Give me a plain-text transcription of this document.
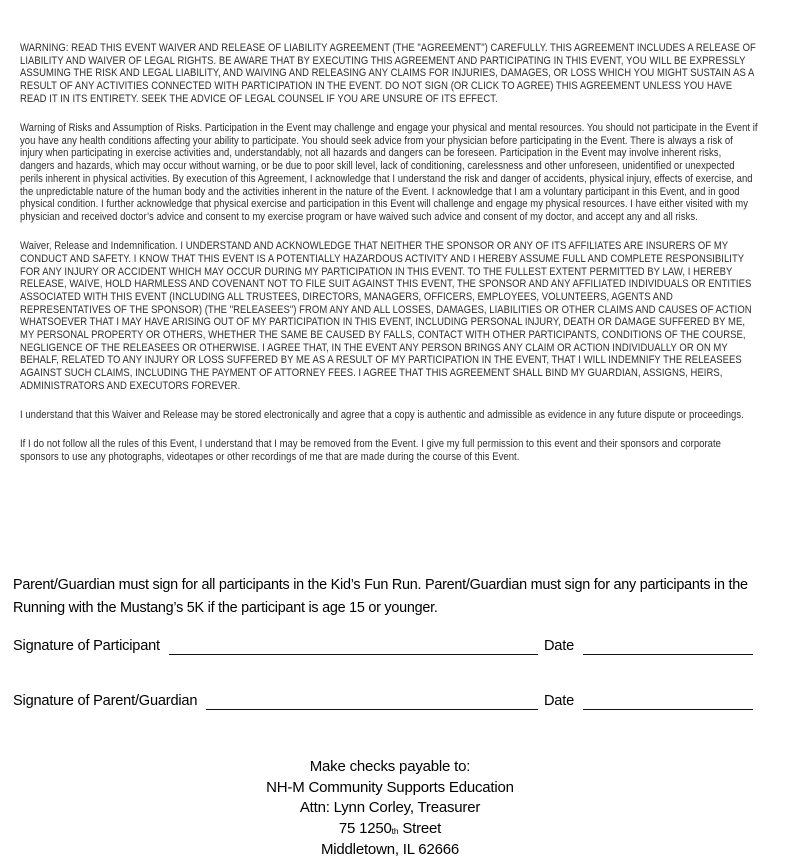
WARNING: READ THIS EVENT WAIVER AND RELEASE OF LIABILITY AGREEMENT (THE "AGREEMENT") CAREFULLY. THIS AGREEMENT INCLUDES A RELEASE OF LIABILITY AND WAIVER OF LEGAL RIGHTS. BE AWARE THAT BY EXECUTING THIS AGREEMENT AND PARTICIPATING IN THIS EVENT, YOU WILL BE EXPRESSLY ASSUMING THE RISK AND LEGAL LIABILITY, AND WAIVING AND RELEASING ANY CLAIMS FOR INJURIES, DAMAGES, OR LOSS WHICH YOU MIGHT SUSTAIN AS A RESULT OF ANY ACTIVITIES CONNECTED WITH PARTICIPATION IN THE EVENT. DO NOT SIGN (OR CLICK TO AGREE) THIS AGREEMENT UNLESS YOU HAVE READ IT IN ITS ENTIRETY. SEEK THE ADVICE OF LEGAL COUNSEL IF YOU ARE UNSURE OF ITS EFFECT.

Warning of Risks and Assumption of Risks. Participation in the Event may challenge and engage your physical and mental resources. You should not participate in the Event if you have any health conditions affecting your ability to participate. You should seek advice from your physician before participating in the Event. There is always a risk of injury when participating in exercise activities and, understandably, not all hazards and dangers can be foreseen. Participation in the Event may involve inherent risks, dangers and hazards, which may occur without warning, or be due to poor skill level, lack of conditioning, carelessness and other unforeseen, unidentified or unexpected perils inherent in physical activities. By execution of this Agreement, I acknowledge that I understand the risk and danger of accidents, physical injury, effects of exercise, and the unpredictable nature of the human body and the activities inherent in the nature of the Event. I acknowledge that I am a voluntary participant in this Event, and in good physical condition. I further acknowledge that physical exercise and participation in this Event will challenge and engage my physical resources. I have either visited with my physician and received doctor’s advice and consent to my exercise program or have waived such advice and consent of my doctor, and accept any and all risks.

Waiver, Release and Indemnification. I UNDERSTAND AND ACKNOWLEDGE THAT NEITHER THE SPONSOR OR ANY OF ITS AFFILIATES ARE INSURERS OF MY CONDUCT AND SAFETY. I KNOW THAT THIS EVENT IS A POTENTIALLY HAZARDOUS ACTIVITY AND I HEREBY ASSUME FULL AND COMPLETE RESPONSIBILITY FOR ANY INJURY OR ACCIDENT WHICH MAY OCCUR DURING MY PARTICIPATION IN THIS EVENT. TO THE FULLEST EXTENT PERMITTED BY LAW, I HEREBY RELEASE, WAIVE, HOLD HARMLESS AND COVENANT NOT TO FILE SUIT AGAINST THIS EVENT, THE SPONSOR AND ANY AFFILIATED INDIVIDUALS OR ENTITIES ASSOCIATED WITH THIS EVENT (INCLUDING ALL TRUSTEES, DIRECTORS, MANAGERS, OFFICERS, EMPLOYEES, VOLUNTEERS, AGENTS AND REPRESENTATIVES OF THE SPONSOR) (THE "RELEASEES") FROM ANY AND ALL LOSSES, DAMAGES, LIABILITIES OR OTHER CLAIMS AND CAUSES OF ACTION WHATSOEVER THAT I MAY HAVE ARISING OUT OF MY PARTICIPATION IN THIS EVENT, INCLUDING PERSONAL INJURY, DEATH OR DAMAGE SUFFERED BY ME, MY PERSONAL PROPERTY OR OTHERS, WHETHER THE SAME BE CAUSED BY FALLS, CONTACT WITH OTHER PARTICIPANTS, CONDITIONS OF THE COURSE, NEGLIGENCE OF THE RELEASEES OR OTHERWISE. I AGREE THAT, IN THE EVENT ANY PERSON BRINGS ANY CLAIM OR ACTION INDIVIDUALLY OR ON MY BEHALF, RELATED TO ANY INJURY OR LOSS SUFFERED BY ME AS A RESULT OF MY PARTICIPATION IN THE EVENT, THAT I WILL INDEMNIFY THE RELEASEES AGAINST SUCH CLAIMS, INCLUDING THE PAYMENT OF ATTORNEY FEES. I AGREE THAT THIS AGREEMENT SHALL BIND MY GUARDIAN, ASSIGNS, HEIRS, ADMINISTRATORS AND EXECUTORS FOREVER.

I understand that this Waiver and Release may be stored electronically and agree that a copy is authentic and admissible as evidence in any future dispute or proceedings.

If I do not follow all the rules of this Event, I understand that I may be removed from the Event. I give my full permission to this event and their sponsors and corporate sponsors to use any photographs, videotapes or other recordings of me that are made during the course of this Event.

Parent/Guardian must sign for all participants in the Kid’s Fun Run. Parent/Guardian must sign for any participants in the Running with the Mustang’s 5K if the participant is age 15 or younger.
Signature of Participant	Date
Signature of Parent/Guardian	Date
Make checks payable to:
NH-M Community Supports Education
Attn: Lynn Corley, Treasurer
75 1250th Street
Middletown, IL 62666
